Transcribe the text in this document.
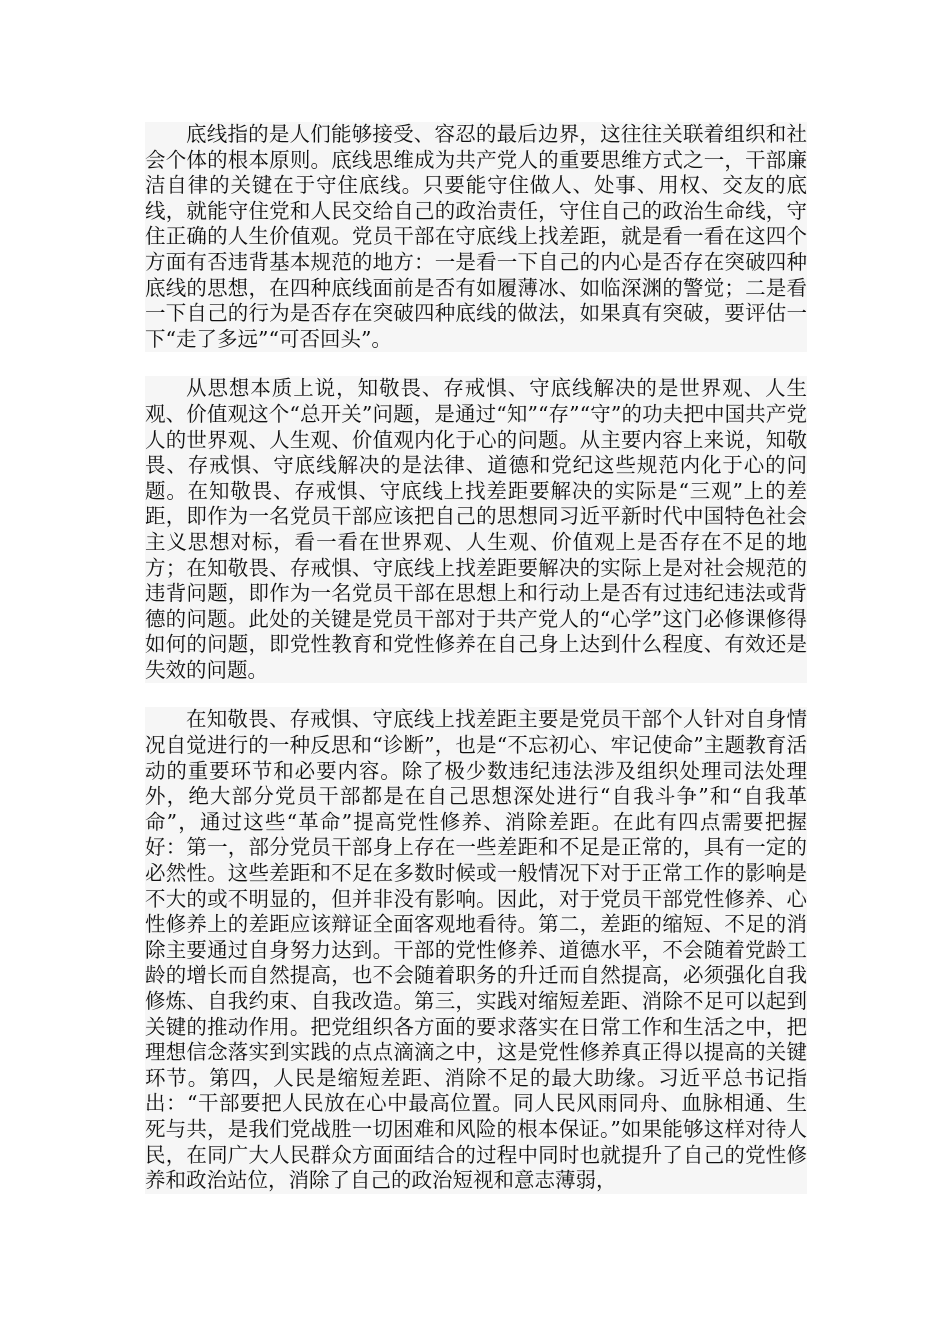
底线指的是人们能够接受、容忍的最后边界，这往往关联着组织和社会个体的根本原则。底线思维成为共产党人的重要思维方式之一，干部廉洁自律的关键在于守住底线。只要能守住做人、处事、用权、交友的底线，就能守住党和人民交给自己的政治责任，守住自己的政治生命线，守住正确的人生价值观。党员干部在守底线上找差距，就是看一看在这四个方面有否违背基本规范的地方：一是看一下自己的内心是否存在突破四种底线的思想，在四种底线面前是否有如履薄冰、如临深渊的警觉；二是看一下自己的行为是否存在突破四种底线的做法，如果真有突破，要评估一下“走了多远”“可否回头”。

从思想本质上说，知敬畏、存戒惧、守底线解决的是世界观、人生观、价值观这个“总开关”问题，是通过“知”“存”“守”的功夫把中国共产党人的世界观、人生观、价值观内化于心的问题。从主要内容上来说，知敬畏、存戒惧、守底线解决的是法律、道德和党纪这些规范内化于心的问题。在知敬畏、存戒惧、守底线上找差距要解决的实际是“三观”上的差距，即作为一名党员干部应该把自己的思想同习近平新时代中国特色社会主义思想对标，看一看在世界观、人生观、价值观上是否存在不足的地方；在知敬畏、存戒惧、守底线上找差距要解决的实际上是对社会规范的违背问题，即作为一名党员干部在思想上和行动上是否有过违纪违法或背德的问题。此处的关键是党员干部对于共产党人的“心学”这门必修课修得如何的问题，即党性教育和党性修养在自己身上达到什么程度、有效还是失效的问题。

在知敬畏、存戒惧、守底线上找差距主要是党员干部个人针对自身情况自觉进行的一种反思和“诊断”，也是“不忘初心、牢记使命”主题教育活动的重要环节和必要内容。除了极少数违纪违法涉及组织处理司法处理外，绝大部分党员干部都是在自己思想深处进行“自我斗争”和“自我革命”，通过这些“革命”提高党性修养、消除差距。在此有四点需要把握好：第一，部分党员干部身上存在一些差距和不足是正常的，具有一定的必然性。这些差距和不足在多数时候或一般情况下对于正常工作的影响是不大的或不明显的，但并非没有影响。因此，对于党员干部党性修养、心性修养上的差距应该辩证全面客观地看待。第二，差距的缩短、不足的消除主要通过自身努力达到。干部的党性修养、道德水平，不会随着党龄工龄的增长而自然提高，也不会随着职务的升迁而自然提高，必须强化自我修炼、自我约束、自我改造。第三，实践对缩短差距、消除不足可以起到关键的推动作用。把党组织各方面的要求落实在日常工作和生活之中，把理想信念落实到实践的点点滴滴之中，这是党性修养真正得以提高的关键环节。第四，人民是缩短差距、消除不足的最大助缘。习近平总书记指出：“干部要把人民放在心中最高位置。同人民风雨同舟、血脉相通、生死与共，是我们党战胜一切困难和风险的根本保证。”如果能够这样对待人民，在同广大人民群众方面面结合的过程中同时也就提升了自己的党性修养和政治站位，消除了自己的政治短视和意志薄弱，
